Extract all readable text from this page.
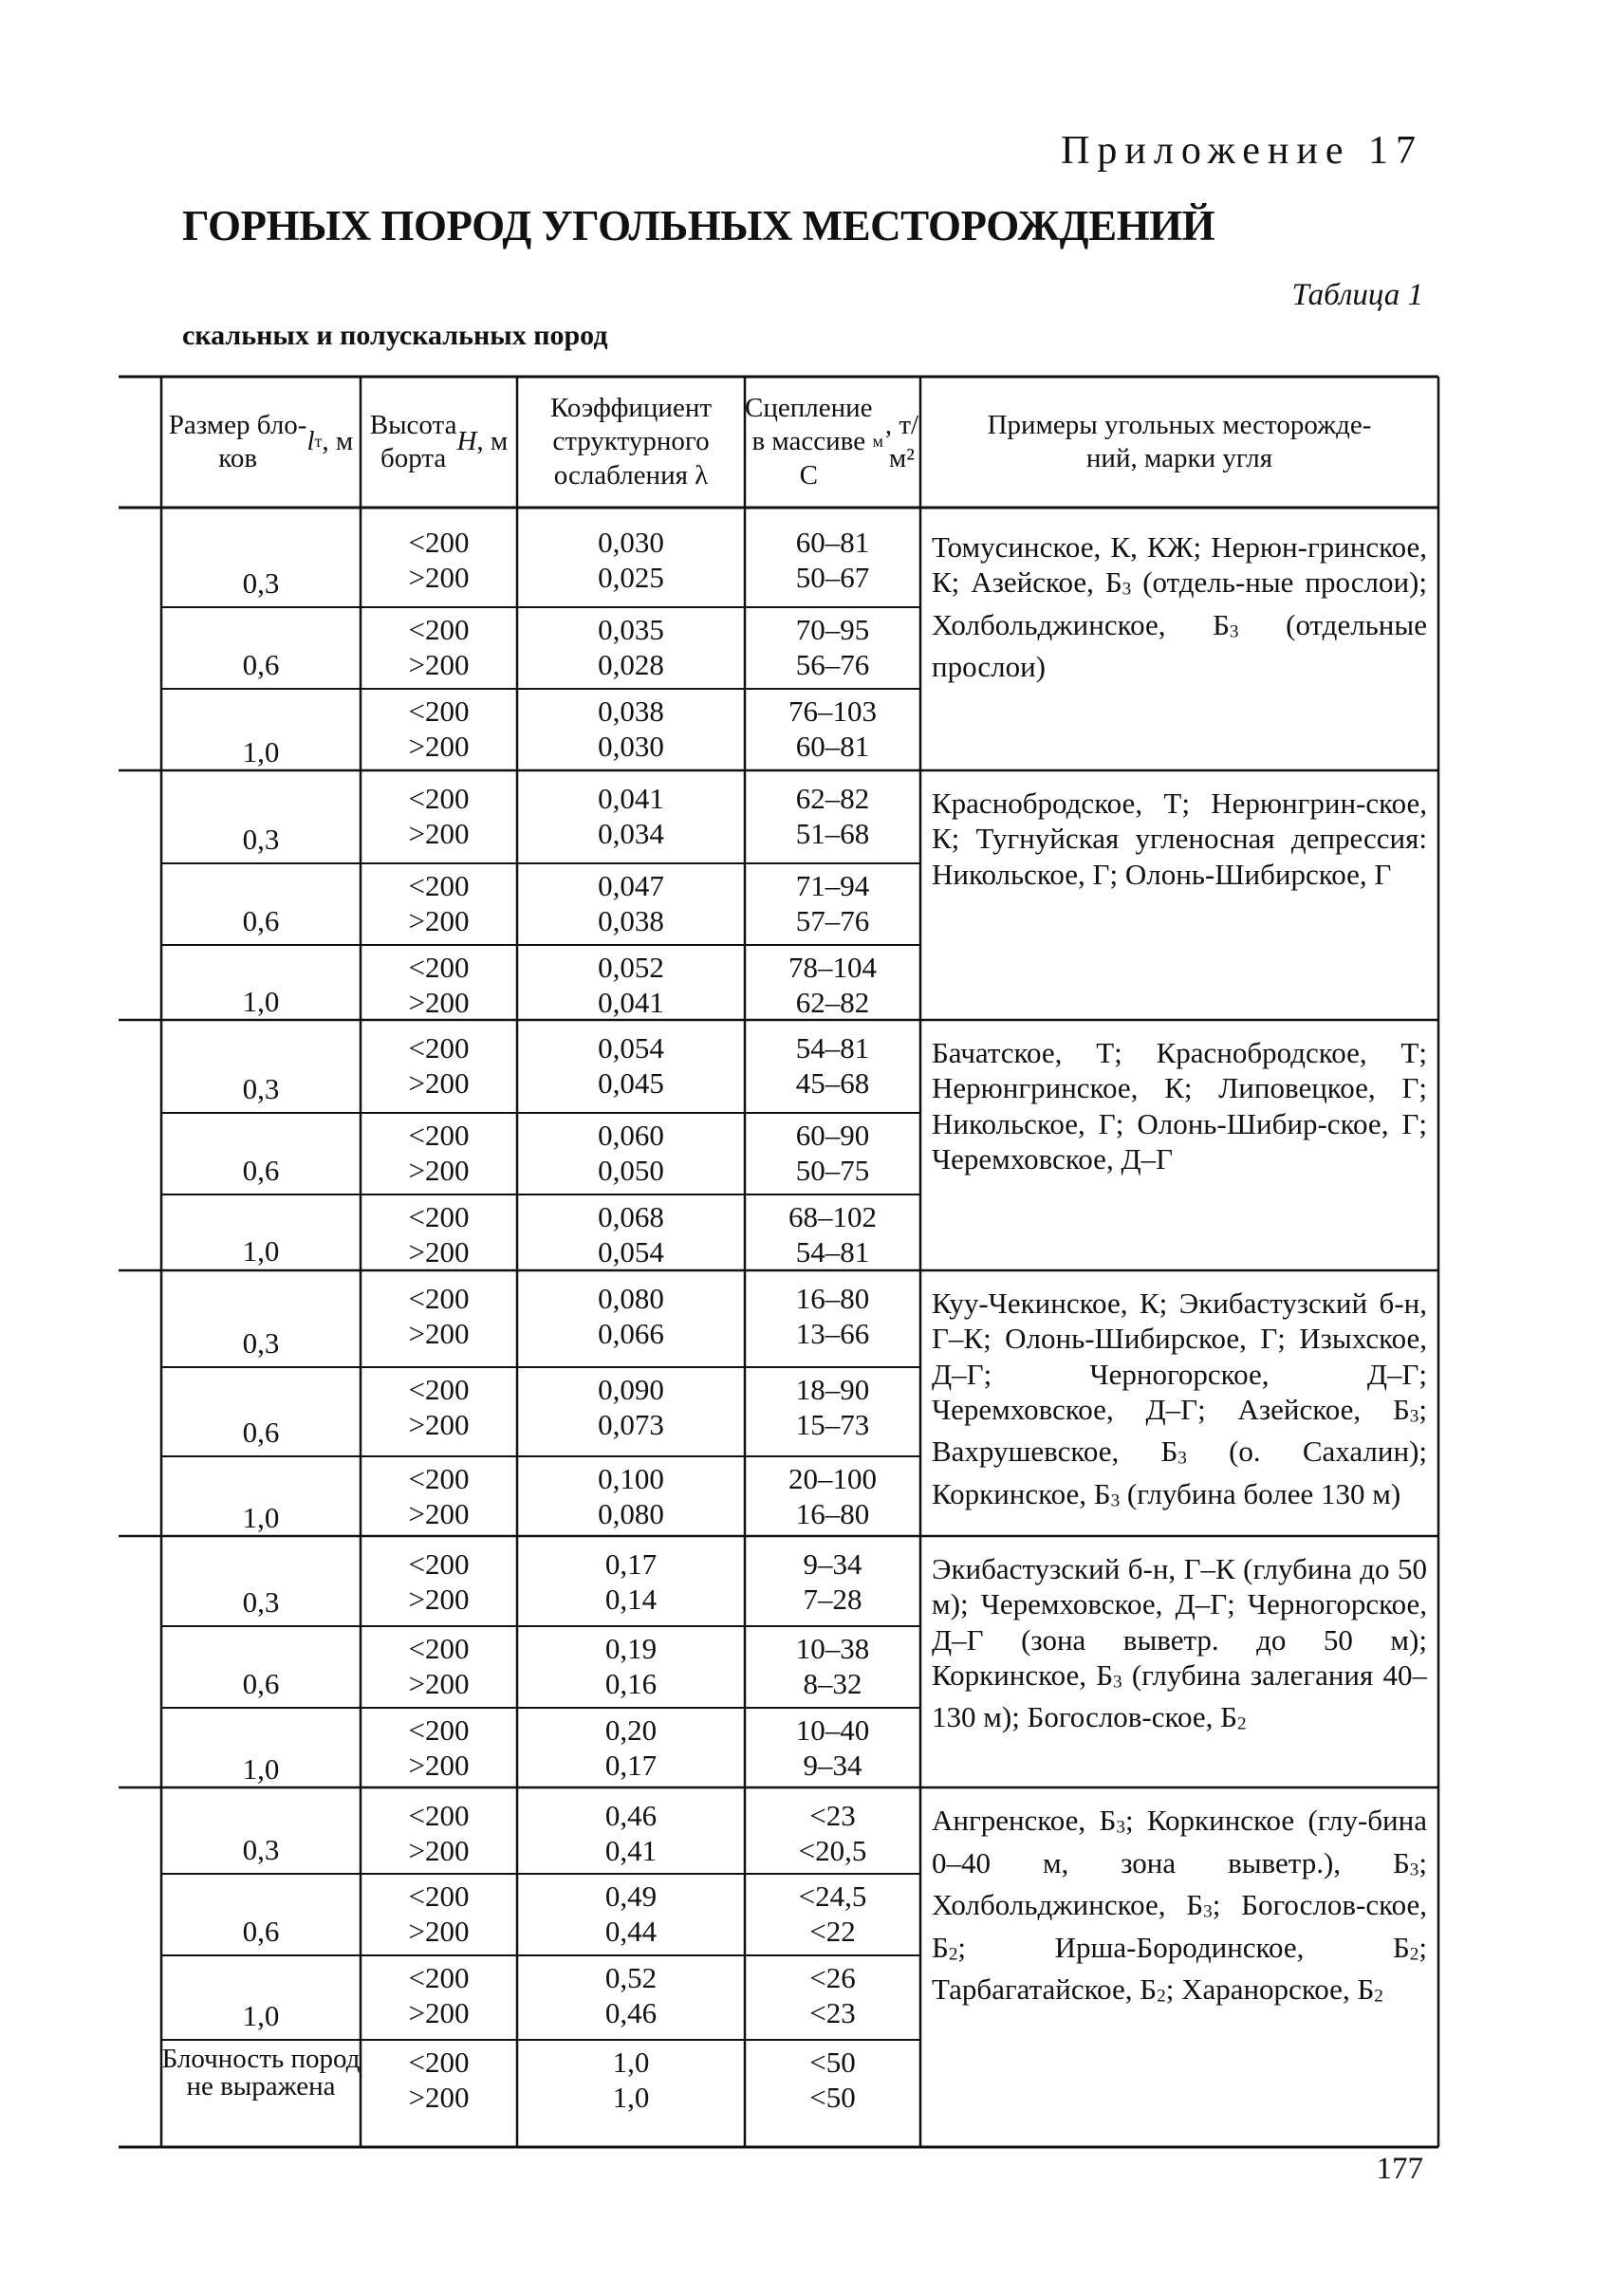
Приложение 17
ГОРНЫХ ПОРОД УГОЛЬНЫХ МЕСТОРОЖДЕНИЙ
Таблица 1
скальных и полускальных пород
Размер бло-
ков
l т , м
Высота
борта

H , м
Коэффициент
структурного
ослабления λ
Сцепление
в массиве
С
м
, т/м²
Примеры угольных месторожде-
ний, марки угля
0,3
<200
>200
0,030
0,025
60–81
50–67
0,6
<200
>200
0,035
0,028
70–95
56–76
1,0
<200
>200
0,038
0,030
76–103
60–81
Томусинское, К, КЖ; Нерюн-гринское, К; Азейское, Б3 (отдель-ные прослои); Холбольджинское, Б3 (отдельные прослои)
0,3
<200
>200
0,041
0,034
62–82
51–68
0,6
<200
>200
0,047
0,038
71–94
57–76
1,0
<200
>200
0,052
0,041
78–104
62–82
Краснобродское, Т; Нерюнгрин-ское, К; Тугнуйская угленосная депрессия: Никольское, Г; Олонь-Шибирское, Г
0,3
<200
>200
0,054
0,045
54–81
45–68
0,6
<200
>200
0,060
0,050
60–90
50–75
1,0
<200
>200
0,068
0,054
68–102
54–81
Бачатское, Т; Краснобродское, Т; Нерюнгринское, К; Липовецкое, Г; Никольское, Г; Олонь-Шибир-ское, Г; Черемховское, Д–Г
0,3
<200
>200
0,080
0,066
16–80
13–66
0,6
<200
>200
0,090
0,073
18–90
15–73
1,0
<200
>200
0,100
0,080
20–100
16–80
Куу-Чекинское, К; Экибастузский б-н, Г–К; Олонь-Шибирское, Г; Изыхское, Д–Г; Черногорское, Д–Г; Черемховское, Д–Г; Азейское, Б3; Вахрушевское, Б3 (о. Сахалин); Коркинское, Б3 (глубина более 130 м)
0,3
<200
>200
0,17
0,14
9–34
7–28
0,6
<200
>200
0,19
0,16
10–38
8–32
1,0
<200
>200
0,20
0,17
10–40
9–34
Экибастузский б-н, Г–К (глубина до 50 м); Черемховское, Д–Г; Черногорское, Д–Г (зона выветр. до 50 м); Коркинское, Б3 (глубина залегания 40–130 м); Богослов-ское, Б2
0,3
<200
>200
0,46
0,41
<23
<20,5
0,6
<200
>200
0,49
0,44
<24,5
<22
1,0
<200
>200
0,52
0,46
<26
<23
Блочность пород не выражена
<200
>200
1,0
1,0
<50
<50
Ангренское, Б3; Коркинское (глу-бина 0–40 м, зона выветр.), Б3; Холбольджинское, Б3; Богослов-ское, Б2; Ирша-Бородинское, Б2; Тарбагатайское, Б2; Харанорское, Б2
177
